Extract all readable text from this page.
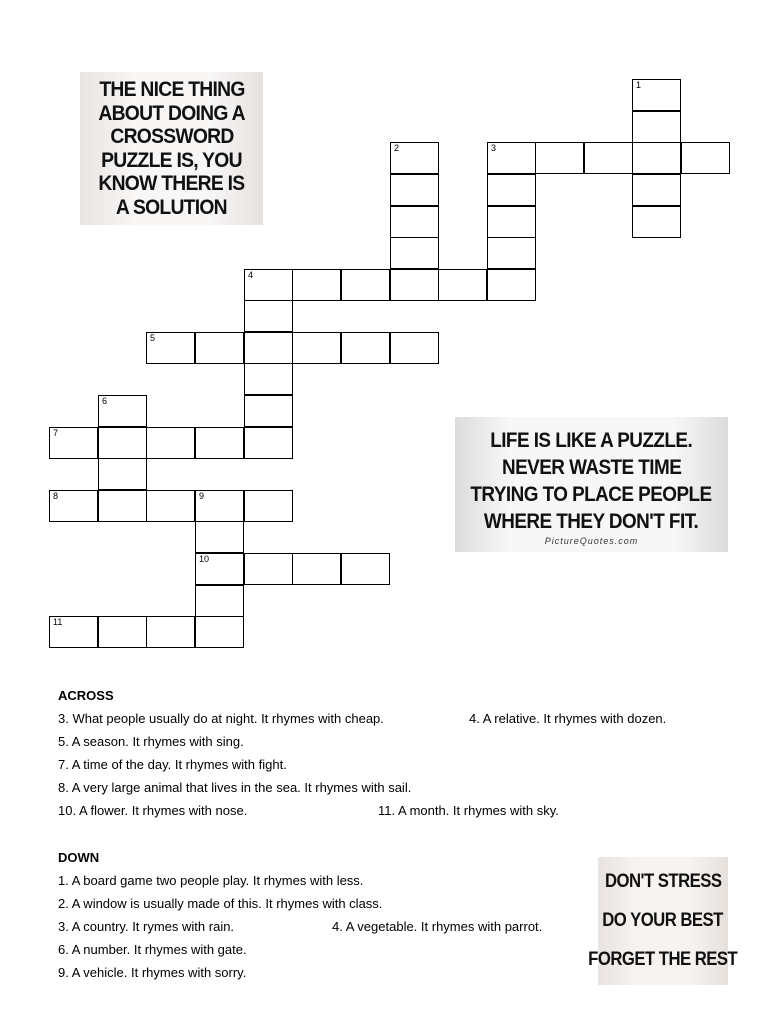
1
3
2
4
5
6
7
8	9
10
11
THE NICE THING
ABOUT DOING A
CROSSWORD
PUZZLE IS, YOU
KNOW THERE IS
A SOLUTION
LIFE IS LIKE A PUZZLE.
NEVER WASTE TIME
TRYING TO PLACE PEOPLE
WHERE THEY DON'T FIT.
PictureQuotes.com
DON'T STRESS
DO YOUR BEST
FORGET THE REST
ACROSS
3. What people usually do at night. It rhymes with cheap.	4. A relative. It rhymes with dozen.
5. A season. It rhymes with sing.
7. A time of the day. It rhymes with fight.
8. A very large animal that lives in the sea. It rhymes with sail.
10. A flower. It rhymes with nose.	11. A month. It rhymes with sky.
DOWN
1. A board game two people play. It rhymes with less.
2. A window is usually made of this. It rhymes with class.
3. A country. It rymes with rain.	4. A vegetable. It rhymes with parrot.
6. A number. It rhymes with gate.
9. A vehicle. It rhymes with sorry.
